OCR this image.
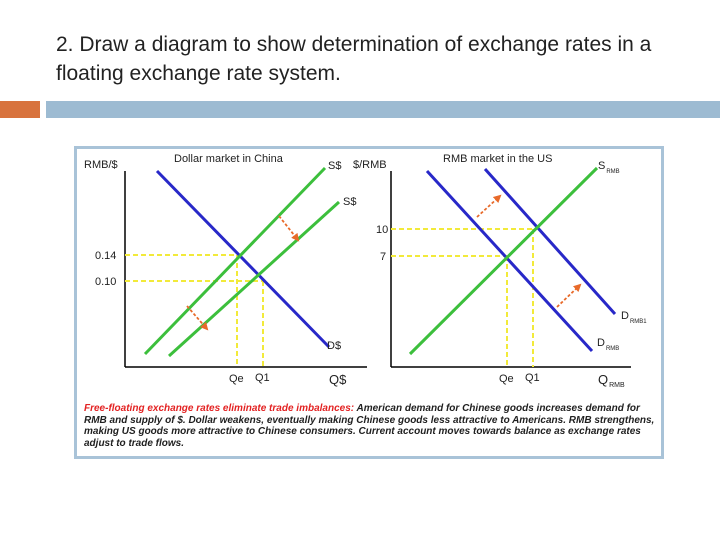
2. Draw a diagram to show determination of exchange rates in a floating exchange rate system.
RMB/$	Dollar market in China
S$
S$
D$
0.14
0.10
Qe Q1	Q$
$/RMB	RMB market in the US
$S_{RMB}$
$D_{RMB1}$
$D_{RMB}$
10
7
Qe Q1	$Q_{RMB}$
Free-floating exchange rates eliminate trade imbalances: American demand for Chinese goods increases demand for RMB and supply of $. Dollar weakens, eventually making Chinese goods less attractive to Americans. RMB strengthens, making US goods more attractive to Chinese consumers. Current account moves towards balance as exchange rates adjust to trade flows.
